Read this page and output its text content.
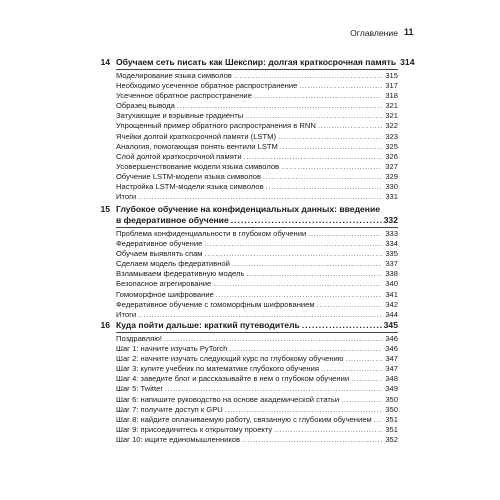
Оглавление 11
14 Обучаем сеть писать как Шекспир: долгая краткосрочная память 314
Моделирование языка символов .....	315
Необходимо усеченное обратное распространение .....	317
Усеченное обратное распространение .....	318
Образец вывода .....	321
Затухающие и взрывные градиенты .....	321
Упрощенный пример обратного распространения в RNN .....	322
Ячейки долгой краткосрочной памяти (LSTM) .....	323
Аналогия, помогающая понять вентили LSTM .....	325
Слой долгой краткосрочной памяти .....	326
Усовершенствование модели языка символов .....	327
Обучение LSTM-модели языка символов .....	329
Настройка LSTM-модели языка символов .....	330
Итоги .....	331
15 Глубокое обучение на конфиденциальных данных: введение
в федеративное обучение .....	332
Проблема конфиденциальности в глубоком обучении .....	333
Федеративное обучение .....	334
Обучаем выявлять спам .....	335
Сделаем модель федеративной .....	337
Взламываем федеративную модель .....	338
Безопасное агрегирование .....	340
Гомоморфное шифрование .....	341
Федеративное обучение с гомоморфным шифрованием .....	342
Итоги .....	344
16 Куда пойти дальше: краткий путеводитель .....	345
Поздравляю! .....	346
Шаг 1: начните изучать PyTorch .....	346
Шаг 2: начните изучать следующий курс по глубокому обучению .....	347
Шаг 3: купите учебник по математике глубокого обучения .....	347
Шаг 4: заведите блог и рассказывайте в нем о глубоком обучении .....	348
Шаг 5: Twitter .....	349
Шаг 6: напишите руководство на основе академической статьи .....	350
Шаг 7: получите доступ к GPU .....	350
Шаг 8: найдите оплачиваемую работу, связанную с глубоким обучением ..... 351
Шаг 9: присоединитесь к открытому проекту .....	351
Шаг 10: ищите единомышленников .....	352
